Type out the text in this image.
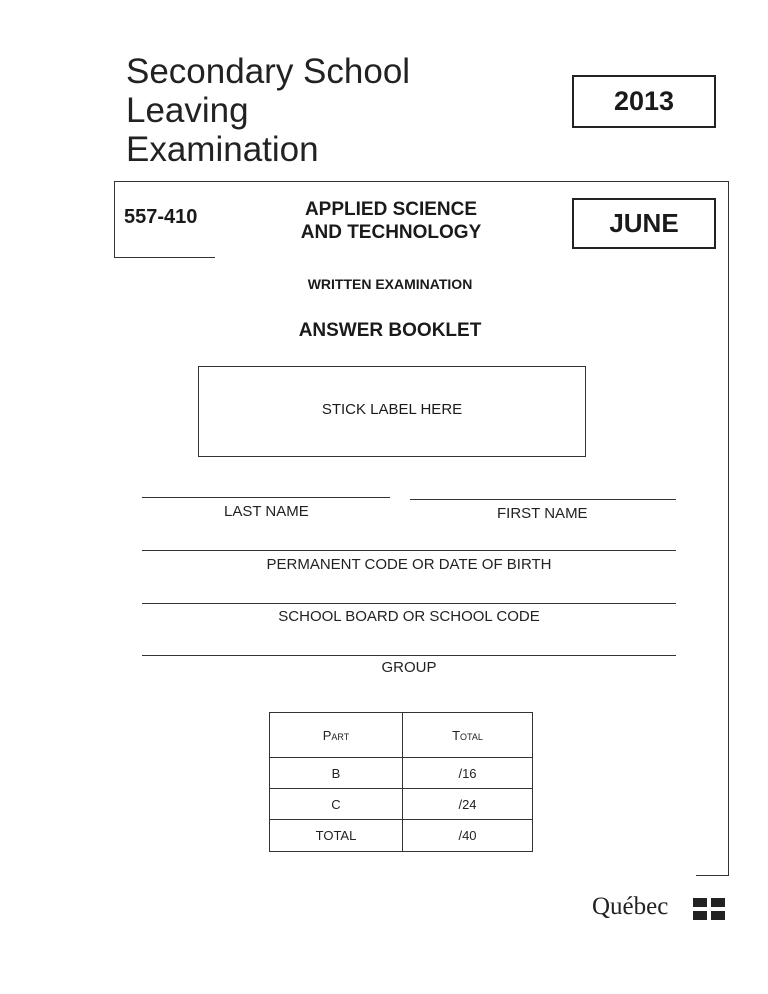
Secondary School
Leaving
Examination
2013
557-410	APPLIED SCIENCE
AND TECHNOLOGY	JUNE
WRITTEN EXAMINATION
ANSWER BOOKLET
STICK LABEL HERE
LAST NAME	FIRST NAME
PERMANENT CODE OR DATE OF BIRTH
SCHOOL BOARD OR SCHOOL CODE
GROUP
Part	Total
B	/16
C	/24
TOTAL	/40
Québec
